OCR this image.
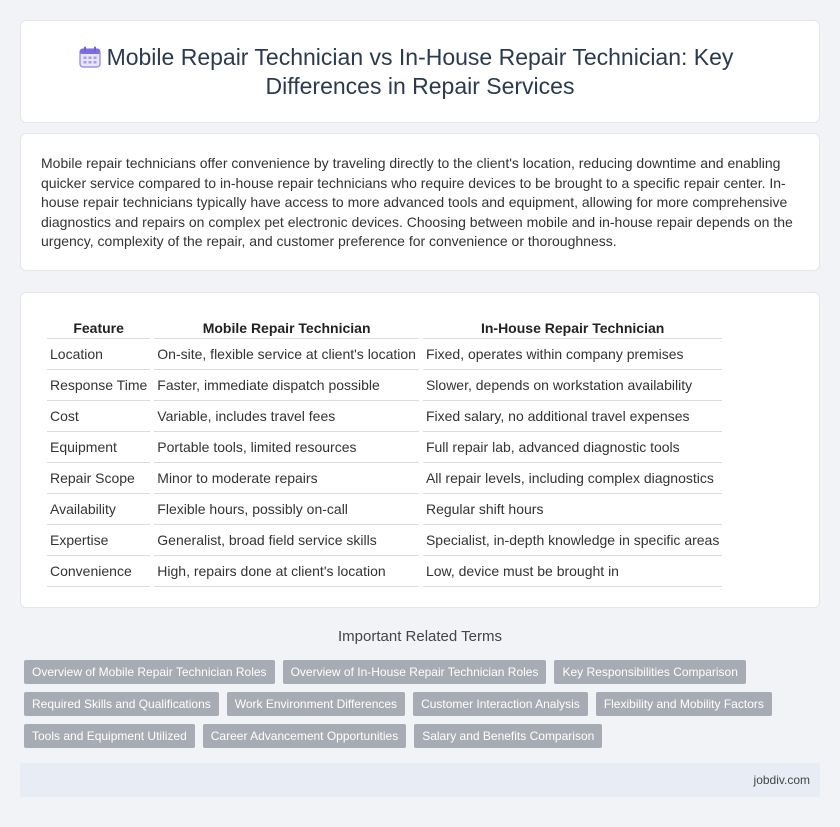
Mobile Repair Technician vs In-House Repair Technician: Key Differences in Repair Services

Mobile repair technicians offer convenience by traveling directly to the client's location, reducing downtime and enabling quicker service compared to in-house repair technicians who require devices to be brought to a specific repair center. In-house repair technicians typically have access to more advanced tools and equipment, allowing for more comprehensive diagnostics and repairs on complex pet electronic devices. Choosing between mobile and in-house repair depends on the urgency, complexity of the repair, and customer preference for convenience or thoroughness.

Feature	Mobile Repair Technician	In-House Repair Technician
Location	On-site, flexible service at client's location	Fixed, operates within company premises
Response Time	Faster, immediate dispatch possible	Slower, depends on workstation availability
Cost	Variable, includes travel fees	Fixed salary, no additional travel expenses
Equipment	Portable tools, limited resources	Full repair lab, advanced diagnostic tools
Repair Scope	Minor to moderate repairs	All repair levels, including complex diagnostics
Availability	Flexible hours, possibly on-call	Regular shift hours
Expertise	Generalist, broad field service skills	Specialist, in-depth knowledge in specific areas
Convenience	High, repairs done at client's location	Low, device must be brought in
Important Related Terms
Overview of Mobile Repair Technician Roles	Overview of In-House Repair Technician Roles	Key Responsibilities Comparison
Required Skills and Qualifications	Work Environment Differences	Customer Interaction Analysis	Flexibility and Mobility Factors
Tools and Equipment Utilized	Career Advancement Opportunities	Salary and Benefits Comparison
jobdiv.com
